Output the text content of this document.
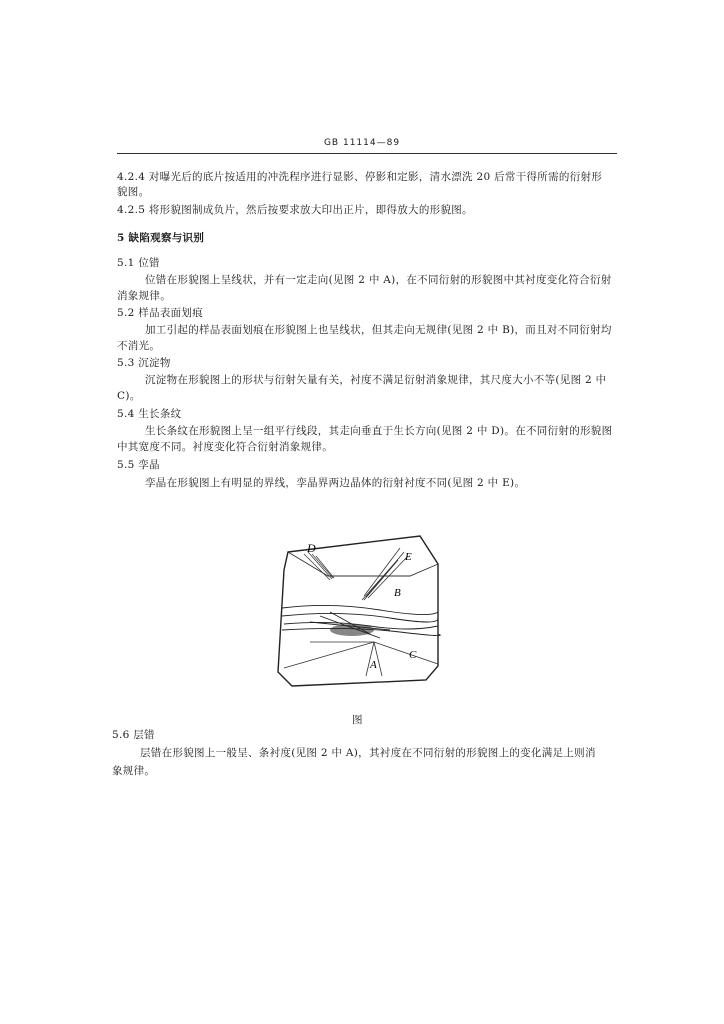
GB 11114—89
4.2.4 对曝光后的底片按适用的冲洗程序进行显影、停影和定影，清水漂洗 20 后常干得所需的衍射形
貌图。
4.2.5 将形貌图制成负片，然后按要求放大印出正片，即得放大的形貌图。
5 缺陷观察与识别
5.1 位错
位错在形貌图上呈线状，并有一定走向(见图 2 中 A)，在不同衍射的形貌图中其衬度变化符合衍射
消象规律。
5.2 样品表面划痕
加工引起的样品表面划痕在形貌图上也呈线状，但其走向无规律(见图 2 中 B)，而且对不同衍射均
不消光。
5.3 沉淀物
沉淀物在形貌图上的形状与衍射矢量有关，衬度不满足衍射消象规律，其尺度大小不等(见图 2 中
C)。
5.4 生长条纹
生长条纹在形貌图上呈一组平行线段，其走向垂直于生长方向(见图 2 中 D)。在不同衍射的形貌图
中其宽度不同。衬度变化符合衍射消象规律。
5.5 孪晶
孪晶在形貌图上有明显的界线，孪晶界两边晶体的衍射衬度不同(见图 2 中 E)。
D
E
B
C
A
图
5.6 层错
层错在形貌图上一般呈、条衬度(见图 2 中 A)，其衬度在不同衍射的形貌图上的变化满足上则消
象规律。
